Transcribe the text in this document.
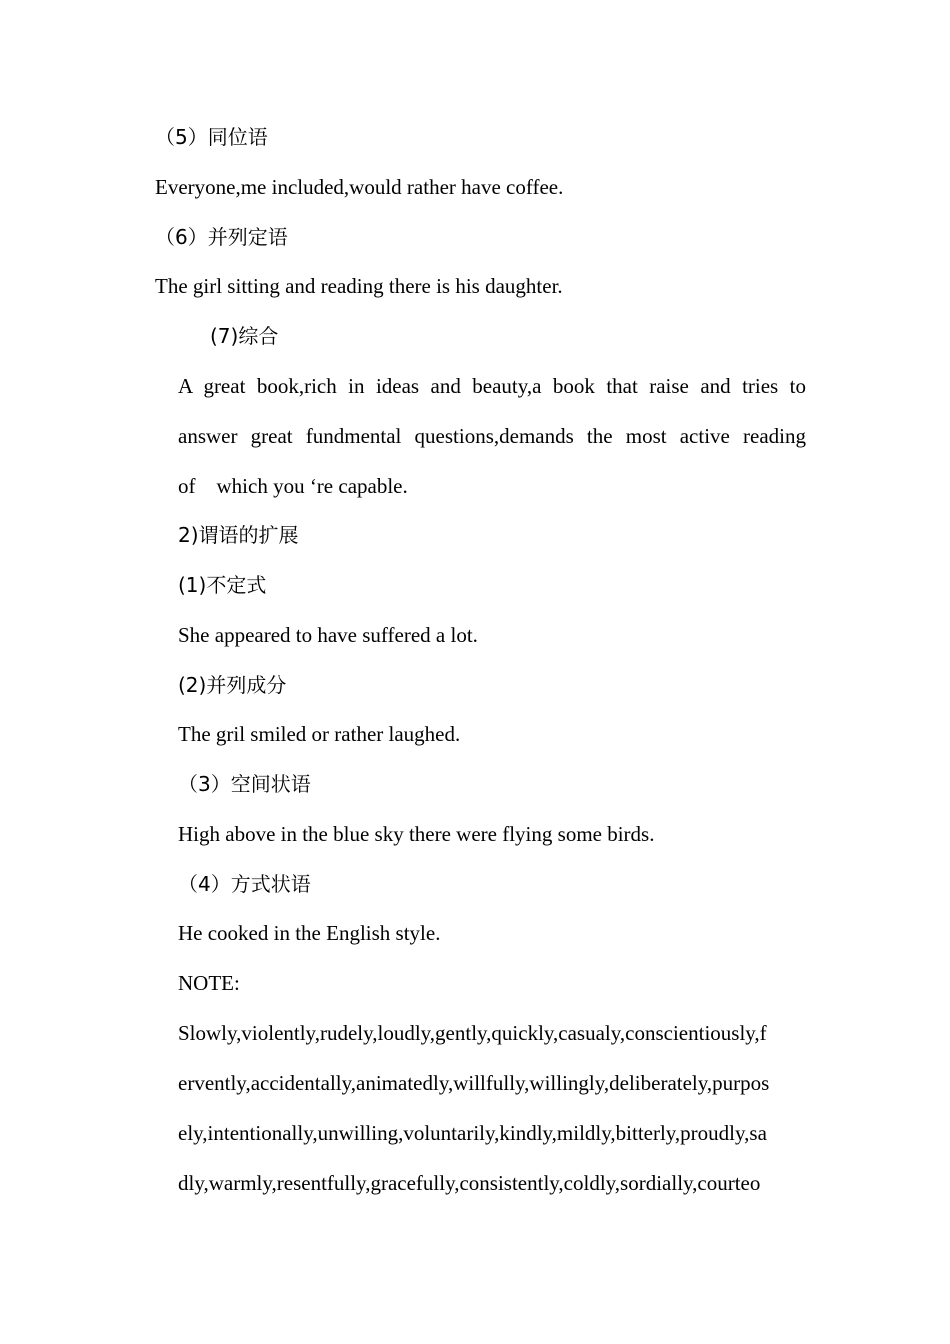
（5）同位语
Everyone,me included,would rather have coffee.
（6）并列定语
The girl sitting and reading there is his daughter.
(7)综合
A great book,rich in ideas and beauty,a book that raise and tries to
answer great fundmental questions,demands the most active reading
of    which you ‘re capable.
2)谓语的扩展
(1)不定式
She appeared to have suffered a lot.
(2)并列成分
The gril smiled or rather laughed.
（3）空间状语
High above in the blue sky there were flying some birds.
（4）方式状语
He cooked in the English style.
NOTE:
Slowly,violently,rudely,loudly,gently,quickly,casualy,conscientiously,f
ervently,accidentally,animatedly,willfully,willingly,deliberately,purpos
ely,intentionally,unwilling,voluntarily,kindly,mildly,bitterly,proudly,sa
dly,warmly,resentfully,gracefully,consistently,coldly,sordially,courteo
